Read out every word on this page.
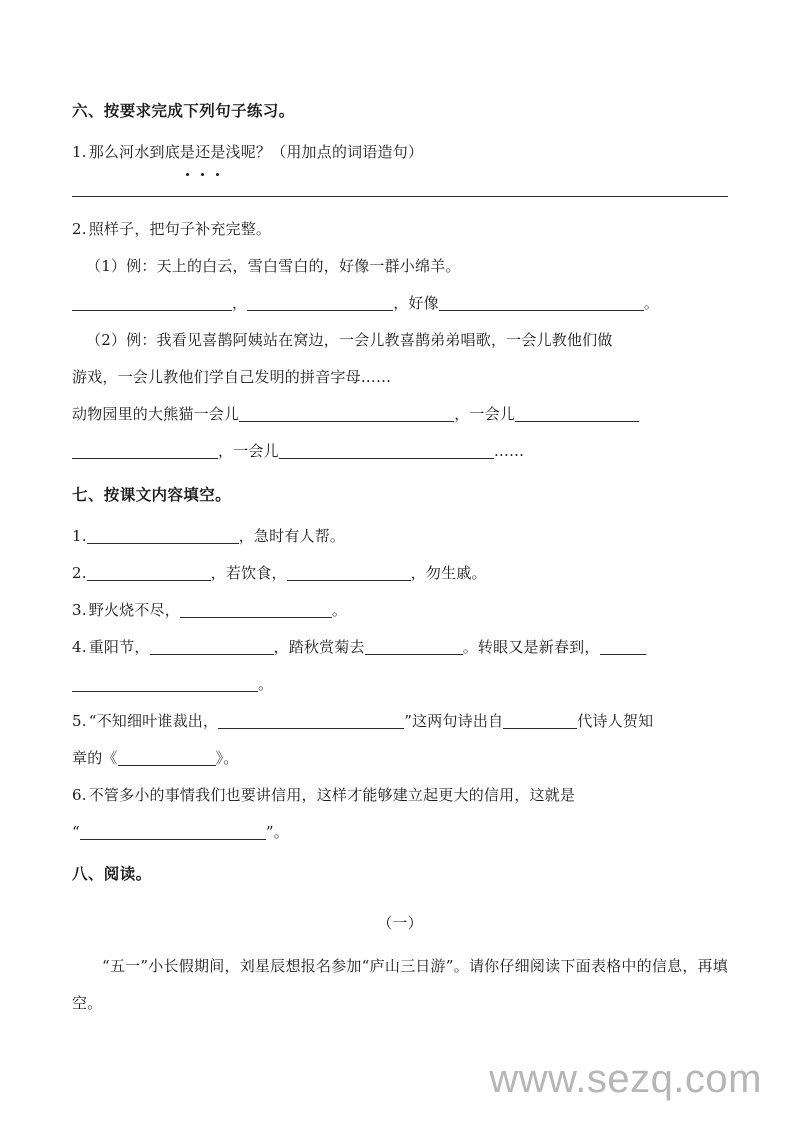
六、按要求完成下列句子练习。

1. 那么河水到底是还是浅呢？（用加点的词语造句）

2. 照样子，把句子补充完整。

（1）例：天上的白云，雪白雪白的，好像一群小绵羊。

，	，好像	。

（2）例：我看见喜鹊阿姨站在窝边，一会儿教喜鹊弟弟唱歌，一会儿教他们做

游戏，一会儿教他们学自己发明的拼音字母……

动物园里的大熊猫一会儿	，一会儿

，一会儿	……

七、按课文内容填空。

1.	，急时有人帮。

2.	，若饮食，	，勿生戚。

3. 野火烧不尽，	。

4. 重阳节，	，踏秋赏菊去	。转眼又是新春到，

。

5. “不知细叶谁裁出，	”这两句诗出自	代诗人贺知

章的《	》。

6. 不管多小的事情我们也要讲信用，这样才能够建立起更大的信用，这就是

“	”。

八、阅读。

（一）

“五一”小长假期间，刘星辰想报名参加“庐山三日游”。请你仔细阅读下面表格中的信息，再填空。

www.sezq.com
